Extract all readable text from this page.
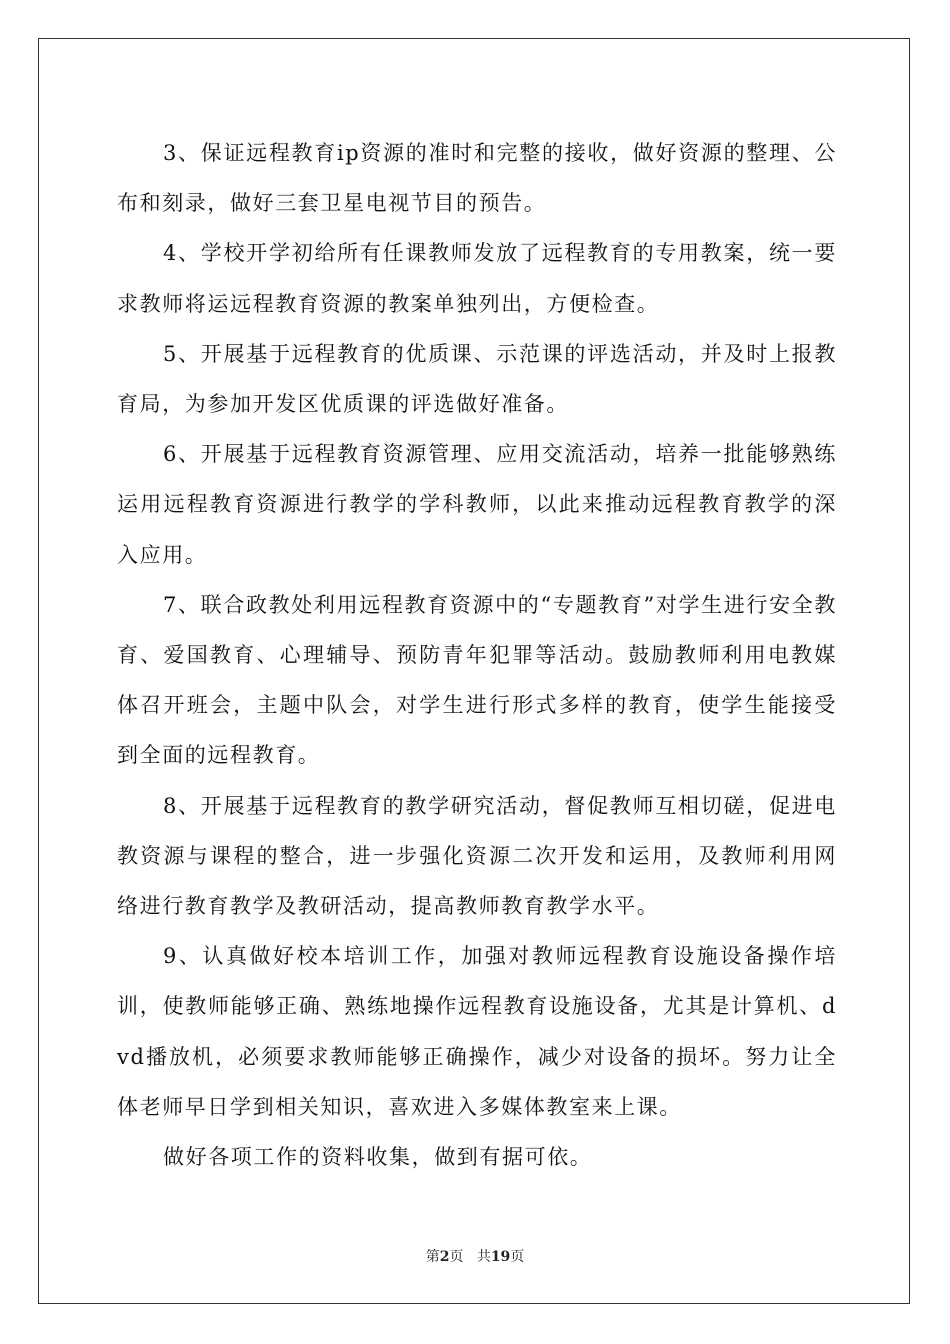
3、保证远程教育ip资源的准时和完整的接收，做好资源的整理、公布和刻录，做好三套卫星电视节目的预告。

4、学校开学初给所有任课教师发放了远程教育的专用教案，统一要求教师将运远程教育资源的教案单独列出，方便检查。

5、开展基于远程教育的优质课、示范课的评选活动，并及时上报教育局，为参加开发区优质课的评选做好准备。

6、开展基于远程教育资源管理、应用交流活动，培养一批能够熟练运用远程教育资源进行教学的学科教师，以此来推动远程教育教学的深入应用。

7、联合政教处利用远程教育资源中的“专题教育”对学生进行安全教育、爱国教育、心理辅导、预防青年犯罪等活动。鼓励教师利用电教媒体召开班会，主题中队会，对学生进行形式多样的教育，使学生能接受到全面的远程教育。

8、开展基于远程教育的教学研究活动，督促教师互相切磋，促进电教资源与课程的整合，进一步强化资源二次开发和运用，及教师利用网络进行教育教学及教研活动，提高教师教育教学水平。

9、认真做好校本培训工作，加强对教师远程教育设施设备操作培训，使教师能够正确、熟练地操作远程教育设施设备，尤其是计算机、dvd播放机，必须要求教师能够正确操作，减少对设备的损坏。努力让全体老师早日学到相关知识，喜欢进入多媒体教室来上课。

做好各项工作的资料收集，做到有据可依。

第2页 共19页
